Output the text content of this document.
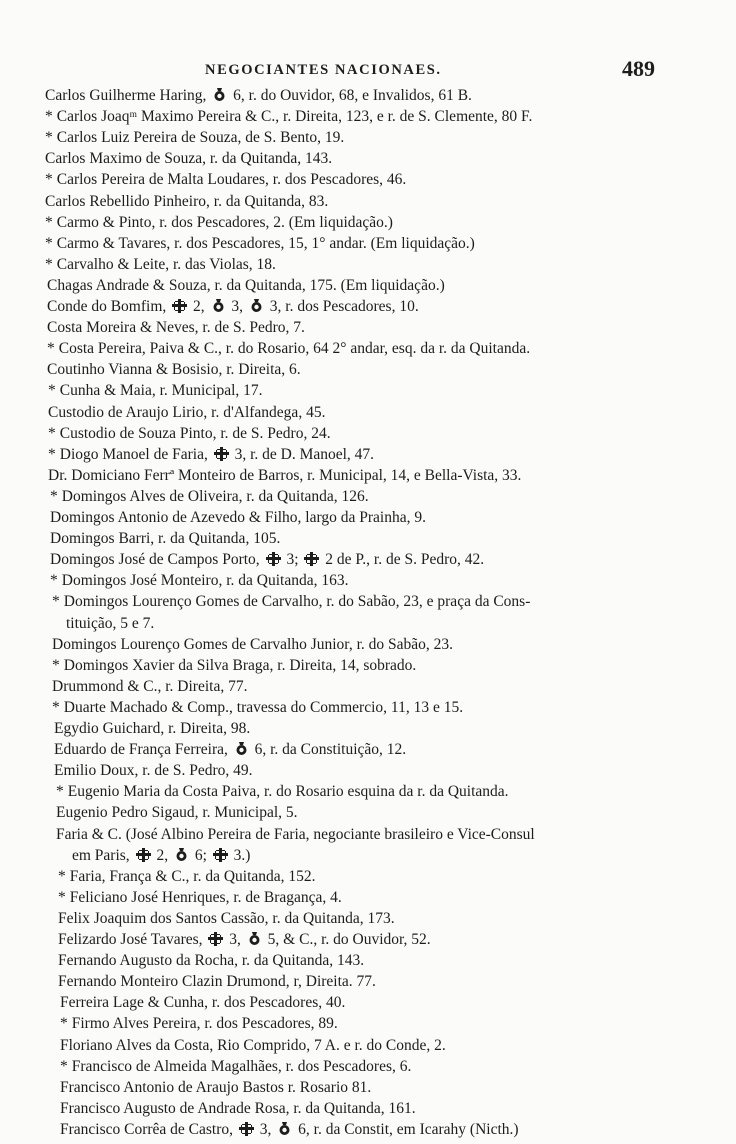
NEGOCIANTES NACIONAES.	489
Carlos Guilherme Haring,
6, r. do Ouvidor, 68, e Invalidos, 61 B.
* Carlos Joaqᵐ Maximo Pereira & C., r. Direita, 123, e r. de S. Clemente, 80 F.
* Carlos Luiz Pereira de Souza, de S. Bento, 19.
Carlos Maximo de Souza, r. da Quitanda, 143.
* Carlos Pereira de Malta Loudares, r. dos Pescadores, 46.
Carlos Rebellido Pinheiro, r. da Quitanda, 83.
* Carmo & Pinto, r. dos Pescadores, 2. (Em liquidação.)
* Carmo & Tavares, r. dos Pescadores, 15, 1° andar. (Em liquidação.)
* Carvalho & Leite, r. das Violas, 18.
Chagas Andrade & Souza, r. da Quitanda, 175. (Em liquidação.)
Conde do Bomfim,
2,
3,
3, r. dos Pescadores, 10.
Costa Moreira & Neves, r. de S. Pedro, 7.
* Costa Pereira, Paiva & C., r. do Rosario, 64 2° andar, esq. da r. da Quitanda.
Coutinho Vianna & Bosisio, r. Direita, 6.
* Cunha & Maia, r. Municipal, 17.
Custodio de Araujo Lirio, r. d'Alfandega, 45.
* Custodio de Souza Pinto, r. de S. Pedro, 24.
* Diogo Manoel de Faria,
3, r. de D. Manoel, 47.
Dr. Domiciano Ferrª Monteiro de Barros, r. Municipal, 14, e Bella-Vista, 33.
* Domingos Alves de Oliveira, r. da Quitanda, 126.
Domingos Antonio de Azevedo & Filho, largo da Prainha, 9.
Domingos Barri, r. da Quitanda, 105.
Domingos José de Campos Porto,
3;
2 de P., r. de S. Pedro, 42.
* Domingos José Monteiro, r. da Quitanda, 163.
* Domingos Lourenço Gomes de Carvalho, r. do Sabão, 23, e praça da Cons-
tituição, 5 e 7.
Domingos Lourenço Gomes de Carvalho Junior, r. do Sabão, 23.
* Domingos Xavier da Silva Braga, r. Direita, 14, sobrado.
Drummond & C., r. Direita, 77.
* Duarte Machado & Comp., travessa do Commercio, 11, 13 e 15.
Egydio Guichard, r. Direita, 98.
Eduardo de França Ferreira,
6, r. da Constituição, 12.
Emilio Doux, r. de S. Pedro, 49.
* Eugenio Maria da Costa Paiva, r. do Rosario esquina da r. da Quitanda.
Eugenio Pedro Sigaud, r. Municipal, 5.
Faria & C. (José Albino Pereira de Faria, negociante brasileiro e Vice-Consul
em Paris,
2,
6;
3.)
* Faria, França & C., r. da Quitanda, 152.
* Feliciano José Henriques, r. de Bragança, 4.
Felix Joaquim dos Santos Cassão, r. da Quitanda, 173.
Felizardo José Tavares,
3,
5, & C., r. do Ouvidor, 52.
Fernando Augusto da Rocha, r. da Quitanda, 143.
Fernando Monteiro Clazin Drumond, r, Direita. 77.
Ferreira Lage & Cunha, r. dos Pescadores, 40.
* Firmo Alves Pereira, r. dos Pescadores, 89.
Floriano Alves da Costa, Rio Comprido, 7 A. e r. do Conde, 2.
* Francisco de Almeida Magalhães, r. dos Pescadores, 6.
Francisco Antonio de Araujo Bastos r. Rosario 81.
Francisco Augusto de Andrade Rosa, r. da Quitanda, 161.
Francisco Corrêa de Castro,
3,
6, r. da Constit, em Icarahy (Nicth.)
